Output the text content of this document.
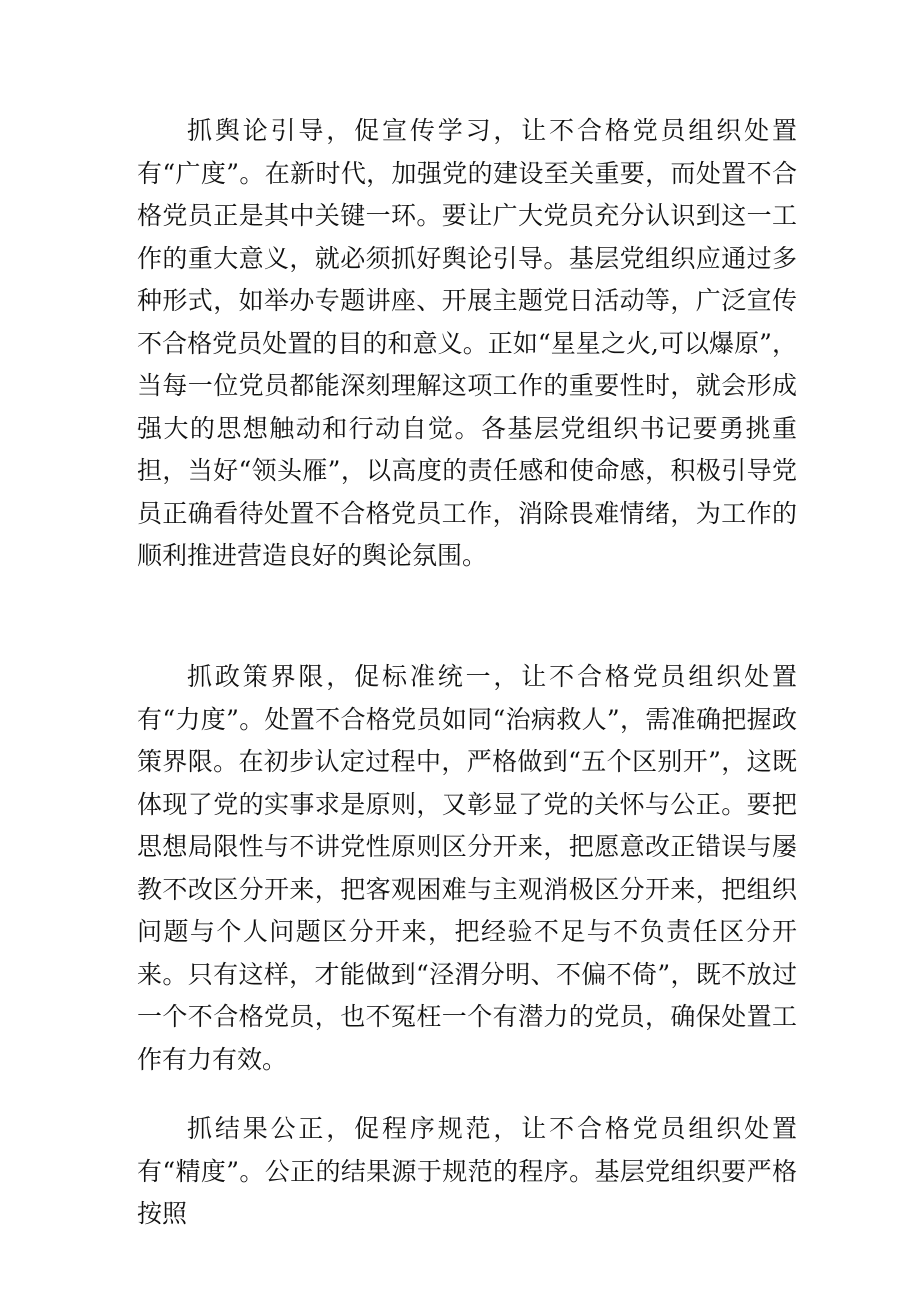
抓舆论引导，促宣传学习，让不合格党员组织处置有“广度”。在新时代，加强党的建设至关重要，而处置不合格党员正是其中关键一环。要让广大党员充分认识到这一工作的重大意义，就必须抓好舆论引导。基层党组织应通过多种形式，如举办专题讲座、开展主题党日活动等，广泛宣传不合格党员处置的目的和意义。正如“星星之火,可以爆原”，当每一位党员都能深刻理解这项工作的重要性时，就会形成强大的思想触动和行动自觉。各基层党组织书记要勇挑重担，当好“领头雁”，以高度的责任感和使命感，积极引导党员正确看待处置不合格党员工作，消除畏难情绪，为工作的顺利推进营造良好的舆论氛围。

抓政策界限，促标准统一，让不合格党员组织处置有“力度”。处置不合格党员如同“治病救人”，需准确把握政策界限。在初步认定过程中，严格做到“五个区别开”，这既体现了党的实事求是原则，又彰显了党的关怀与公正。要把思想局限性与不讲党性原则区分开来，把愿意改正错误与屡教不改区分开来，把客观困难与主观消极区分开来，把组织问题与个人问题区分开来，把经验不足与不负责任区分开来。只有这样，才能做到“泾渭分明、不偏不倚”，既不放过一个不合格党员，也不冤枉一个有潜力的党员，确保处置工作有力有效。

抓结果公正，促程序规范，让不合格党员组织处置有“精度”。公正的结果源于规范的程序。基层党组织要严格按照
